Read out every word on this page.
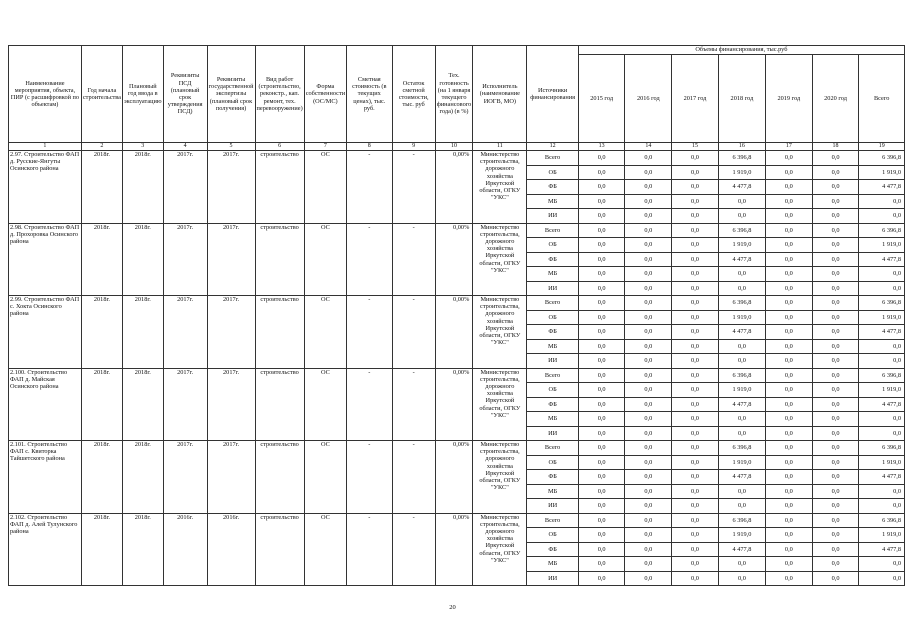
Наименование мероприятия, объекта, ПИР (с расшифровкой по объектам)	Год начала строительства	Плановый год ввода в эксплуатацию	Реквизиты ПСД (плановый срок утверждения ПСД)	Реквизиты государственной экспертизы (плановый срок получения)	Вид работ (строительство, реконстр., кап. ремонт, тех. перевооружение)	Форма собственности (ОС/МС)	Сметная стоимость (в текущих ценах), тыс. руб.	Остаток сметной стоимости, тыс. руб	Тех. готовность (на 1 января текущего финансового года) (в %)	Исполнитель (наименование ИОГВ, МО)	Источники финансирования	Объемы финансирования, тыс.руб						
												2015 год	2016 год	2017 год	2018 год	2019 год	2020 год	Всего
1	2	3	4	5	6	7	8	9	10	11	12	13	14	15	16	17	18	19
2.97. Строительство ФАП д. Русские-Янгуты Осинского района	2018г.	2018г.	2017г.	2017г.	строительство	ОС	-	-	0,00%	Министерство строительства, дорожного хозяйства Иркутской области, ОГКУ "УКС"	Всего	0,0	0,0	0,0	6 396,8	0,0	0,0	6 396,8
											ОБ	0,0	0,0	0,0	1 919,0	0,0	0,0	1 919,0
											ФБ	0,0	0,0	0,0	4 477,8	0,0	0,0	4 477,8
											МБ	0,0	0,0	0,0	0,0	0,0	0,0	0,0
											ИИ	0,0	0,0	0,0	0,0	0,0	0,0	0,0
2.98. Строительство ФАП д. Прохоровка Осинского района	2018г.	2018г.	2017г.	2017г.	строительство	ОС	-	-	0,00%	Министерство строительства, дорожного хозяйства Иркутской области, ОГКУ "УКС"	Всего	0,0	0,0	0,0	6 396,8	0,0	0,0	6 396,8
											ОБ	0,0	0,0	0,0	1 919,0	0,0	0,0	1 919,0
											ФБ	0,0	0,0	0,0	4 477,8	0,0	0,0	4 477,8
											МБ	0,0	0,0	0,0	0,0	0,0	0,0	0,0
											ИИ	0,0	0,0	0,0	0,0	0,0	0,0	0,0
2.99. Строительство ФАП с. Хокта Осинского района	2018г.	2018г.	2017г.	2017г.	строительство	ОС	-	-	0,00%	Министерство строительства, дорожного хозяйства Иркутской области, ОГКУ "УКС"	Всего	0,0	0,0	0,0	6 396,8	0,0	0,0	6 396,8
											ОБ	0,0	0,0	0,0	1 919,0	0,0	0,0	1 919,0
											ФБ	0,0	0,0	0,0	4 477,8	0,0	0,0	4 477,8
											МБ	0,0	0,0	0,0	0,0	0,0	0,0	0,0
											ИИ	0,0	0,0	0,0	0,0	0,0	0,0	0,0
2.100. Строительство ФАП д. Майская Осинского района	2018г.	2018г.	2017г.	2017г.	строительство	ОС	-	-	0,00%	Министерство строительства, дорожного хозяйства Иркутской области, ОГКУ "УКС"	Всего	0,0	0,0	0,0	6 396,8	0,0	0,0	6 396,8
											ОБ	0,0	0,0	0,0	1 919,0	0,0	0,0	1 919,0
											ФБ	0,0	0,0	0,0	4 477,8	0,0	0,0	4 477,8
											МБ	0,0	0,0	0,0	0,0	0,0	0,0	0,0
											ИИ	0,0	0,0	0,0	0,0	0,0	0,0	0,0
2.101. Строительство ФАП с. Квиторка Тайшетского района	2018г.	2018г.	2017г.	2017г.	строительство	ОС	-	-	0,00%	Министерство строительства, дорожного хозяйства Иркутской области, ОГКУ "УКС"	Всего	0,0	0,0	0,0	6 396,8	0,0	0,0	6 396,8
											ОБ	0,0	0,0	0,0	1 919,0	0,0	0,0	1 919,0
											ФБ	0,0	0,0	0,0	4 477,8	0,0	0,0	4 477,8
											МБ	0,0	0,0	0,0	0,0	0,0	0,0	0,0
											ИИ	0,0	0,0	0,0	0,0	0,0	0,0	0,0
2.102. Строительство ФАП д. Алей Тулунского района	2018г.	2018г.	2016г.	2016г.	строительство	ОС	-	-	0,00%	Министерство строительства, дорожного хозяйства Иркутской области, ОГКУ "УКС"	Всего	0,0	0,0	0,0	6 396,8	0,0	0,0	6 396,8
											ОБ	0,0	0,0	0,0	1 919,0	0,0	0,0	1 919,0
											ФБ	0,0	0,0	0,0	4 477,8	0,0	0,0	4 477,8
											МБ	0,0	0,0	0,0	0,0	0,0	0,0	0,0
											ИИ	0,0	0,0	0,0	0,0	0,0	0,0	0,0
20
